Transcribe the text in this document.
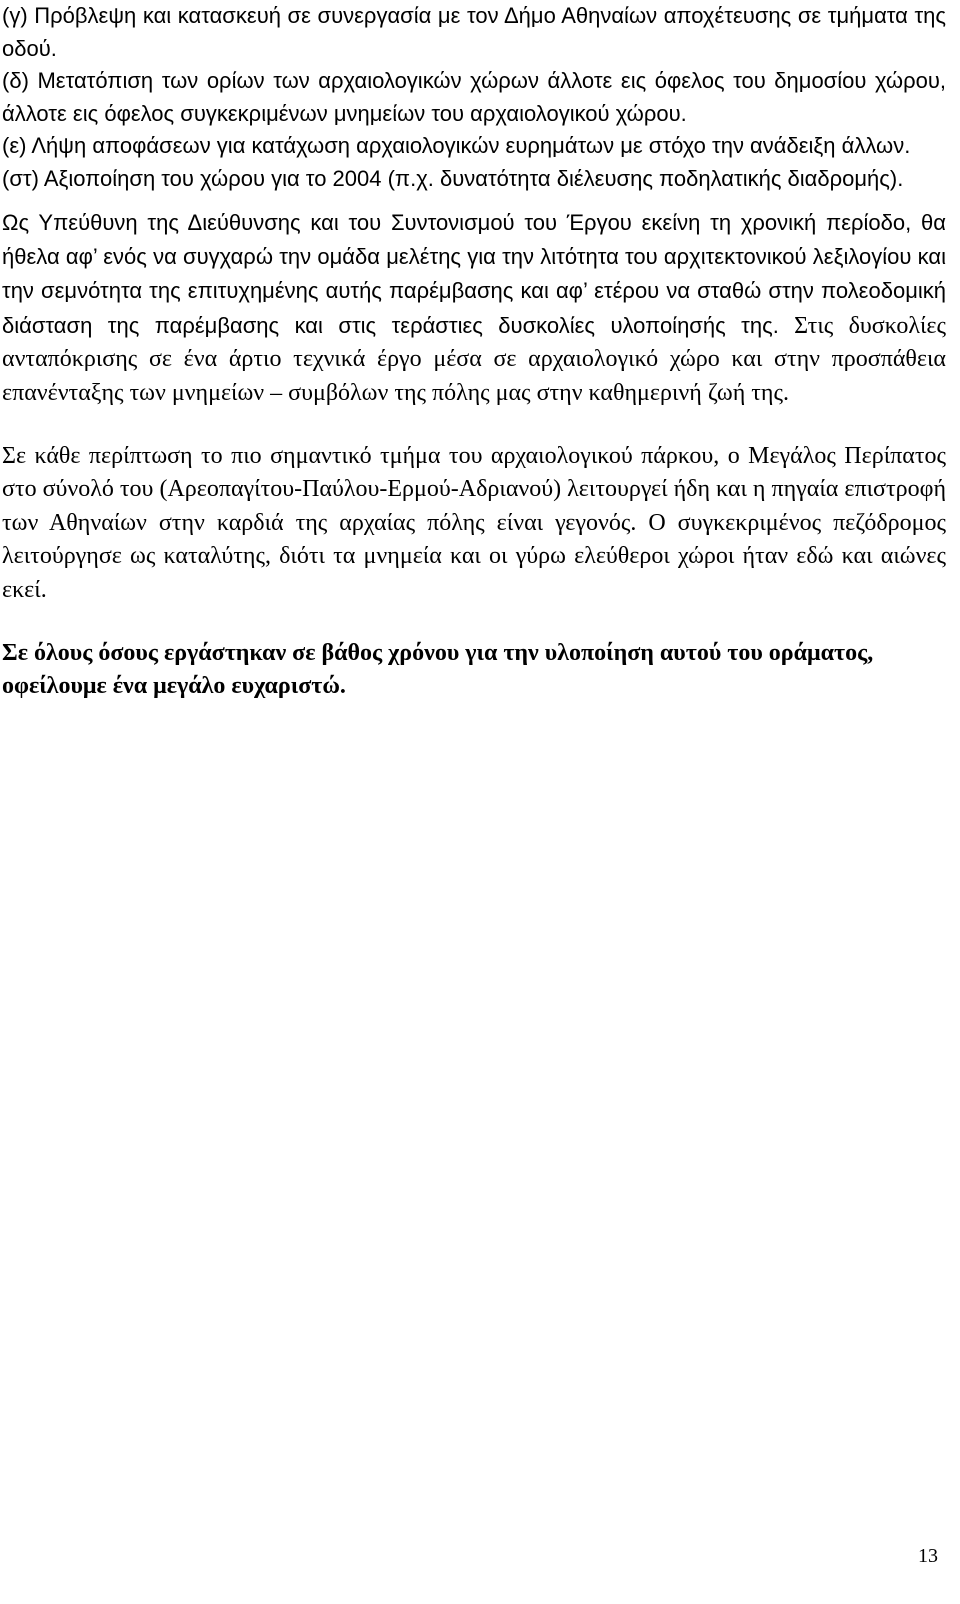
(γ) Πρόβλεψη και κατασκευή σε συνεργασία με τον Δήμο Αθηναίων αποχέτευσης σε τμήματα της οδού.

(δ) Μετατόπιση των ορίων των αρχαιολογικών χώρων άλλοτε εις όφελος του δημοσίου χώρου, άλλοτε εις όφελος συγκεκριμένων μνημείων του αρχαιολογικού χώρου.

(ε) Λήψη αποφάσεων για κατάχωση αρχαιολογικών ευρημάτων με στόχο την ανάδειξη άλλων.

(στ) Αξιοποίηση του χώρου για το 2004 (π.χ. δυνατότητα διέλευσης ποδηλατικής διαδρομής).

Ως Υπεύθυνη της Διεύθυνσης και του Συντονισμού του Έργου εκείνη τη χρονική περίοδο, θα ήθελα αφ’ ενός να συγχαρώ την ομάδα μελέτης για την λιτότητα του αρχιτεκτονικού λεξιλογίου και την σεμνότητα της επιτυχημένης αυτής παρέμβασης και αφ’ ετέρου να σταθώ στην πολεοδομική διάσταση της παρέμβασης και στις τεράστιες δυσκολίες υλοποίησής της. Στις δυσκολίες ανταπόκρισης σε ένα άρτιο τεχνικά έργο μέσα σε αρχαιολογικό χώρο και στην προσπάθεια επανένταξης των μνημείων – συμβόλων της πόλης μας στην καθημερινή ζωή της.

Σε κάθε περίπτωση το πιο σημαντικό τμήμα του αρχαιολογικού πάρκου, ο Μεγάλος Περίπατος στο σύνολό του (Αρεοπαγίτου-Παύλου-Ερμού-Αδριανού) λειτουργεί ήδη και η πηγαία επιστροφή των Αθηναίων στην καρδιά της αρχαίας πόλης είναι γεγονός. Ο συγκεκριμένος πεζόδρομος λειτούργησε ως καταλύτης, διότι τα μνημεία και οι γύρω ελεύθεροι χώροι ήταν εδώ και αιώνες εκεί.

Σε όλους όσους εργάστηκαν σε βάθος χρόνου για την υλοποίηση αυτού του οράματος, οφείλουμε ένα μεγάλο ευχαριστώ.

13
